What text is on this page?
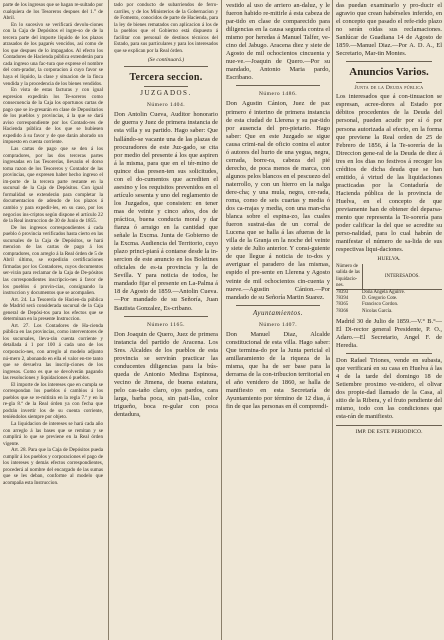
parte de los ingresos que se hagan re-sultado por cualquiera de los Tesoreros despues del 1.° de Abril.

En lo sucesivo se verificará devolu-ciones con la Caja de Depósitos el ingre-so de de la tercera parte del importe líquido de los plazos atrasados de los pagarés vencidos, así como de los que despues de lo impagados. Al efecto los Contadores de Hacienda pública extenderán para cada ingreso una fac-tura que exprese el nombre del com-prador, la corporacion á cuyo favor se haya el líquido, la clase y situacion de la finca vendida y la procedencia de los bienes vendidos.

En vista de estas facturas y con igual espresion expedirán los Te-soreros como consecuencia de la Caja los oportunos cartas de pago que se in-gresarán en clase de Depositarios de los pueblos y provincias, á la que se dará aviso correspondiente por los Contado-res de Hacienda pública de los que se hubiesen expedido á su favor y de que darán ahorado un impuesto en cuenta corriente.

Las cartas de pago que se den á los compradores, por las dos terceras partes ingresadas en las Tesorerías, llevarán el dorso toma razon de los Tesoreros y Contador de las provincias, que expresen haber hecho ingreso el im-porte de la tercera parte restante en la sucursal de la Caja de Depósitos. Con igual formalidad se extenderán para completar la documentacion de adeudo de los plazos á cambio y para expedir-les, en su caso, por los negocios ins-criptos según dispone el artículo 22 de la Real instruccion de 30 de Junio de 1855.

De los ingresos correspondientes á cada pueblo ó provincia verificados hasta cierto en las sucursales de la Caja de Depósitos, se hará mencion de las cartas de pago á los compradores, con arreglo á la Real órden de 5 de Abril último, se expedirán certificaciones firmadas por los Contadores, cuyos documentos ser-virán para reclamar de la Caja de De-pósitos las correspondientes inscripcio-nes á favor de los pueblos ó provin-cias, consignando la instruccion y documentos que se acompañen.

Art. 24. La Tesorería de Hacien-da pública de Madrid será considerada sucursal de la Caja general de Depósi-tos para los efectos que se determinan en la presente Instruccion.

Art. 27. Los Contadores de Ha-cienda pública en las provincias, como interventores de los sucursales, lleva-rán cuenta corriente y detallada á 1 por 100 á cada uno de los corporacio-nes, con arreglo al modelo adjunto nú-mero 2, abonando en ella el valor en-tre tanto que se devuelva las inscrip-ciones de los ingresos. Como es que se devolverán pagando las resoluciones y liquidaciones ó pueblos.

El importe de los intereses que en cumpla se correspondan los pueblos ó cambios á los pueblos que se re-mitirán en la regla 7.ª y en la re-gla 8.ª de la Real órden ya con fecha que podrán invertir los de su cuenta corriente, teniéndolos siempre por objeto.

La liquidacion de intereses se hará cada año con arreglo á las bases que se remitan y se cumplirá lo que se previene en la Real órden vigente.

Art. 28. Para que la Caja de Depósitos pueda cumplir á los pueblos y corporaciones el pago de los intereses y demás efectos correspondientes, procederá al nombre del encargado de las sumas que se les deban, conforme al modelo que acompaña esta Instruccion.

tado por conducto de subarriendos de ferro-carriles, y de los Ministerios de la Gobernacion y de Fomento, conocidos de parte de Hacienda, para la ley de bienes rematados con aplicacion á los de la pueblos que el Gobierno está dispuesto á facilitar con personal de destinos técnicos del Estado, para sus particulares y para los interesados que se explican por la Real órden.
(Se continuará.)
Tercera seccion.
JUZGADOS.
Número 1404.
Don Antolin Cueva, Auditor honorario de guerra y Juez de primera instancia de esta villa y su partido. Hago saber: Que hallándo-se vacante una de las plazas de procuradores de este Juz-gado, se cita por medio del presente á los que aspiren á la misma, para que en el tér-mino de quince dias presen-ten sus solicitudes, con el do-cumentos que acrediten el asesino y los requisitos prevenidos en el artículo sesenta y uno del reglamento de los Juzgados, que consisten: en tener mas de veinte y cinco años, dos de práctica, buena conducta moral y dar fianza ó arraigo en la cantidad que señale la Excma. Junta de Gobierno de la Excma. Audiencia del Territorio, cuyo plazo princi-piará á contarse desde la in-sercion de este anuncio en los Boletines oficiales de es-ta provincia y la de Sevilla. Y para noticia de todos, he mandado fijar el presente en La-Palma á 18 de Agosto de 1859.—Antolin Cueva.—Por mandado de su Señoría, Juan Bautista Gonzalez, Es-cribano.
Número 1165.
Don Joaquin de Quero, Juez de primera instancia del partido de Aracena. Los Sres. Alcaldes de los pueblos de esta provincia se servirán practicar las conducentes diligencias para la bús-queda de Antonio Medina Espinosa, vecino de Jimena, de buena estatura, pelo cas-taño claro, ojos pardos, cara larga, barba poca, sin pati-llas, color trigueño, boca re-gular con poca dentadura,
vestido al uso de arriero an-daluz, y le fueron habido re-mitirle á esta cabeza de par-tido en clase de comparecido para diligencias en la causa segunda contra el mismo por heredas á Manuel Talfer, ve-cino del Jabugo. Aracena diez y siete de Agosto de mil ochocientos cincuenta y nue-ve.—Joaquin de Quero.—Por su mandado, Antonio Maria pardo, Escribano.
Número 1486.
Don Agustin Cánion, Juez de paz primero é interino de primera instancia de esta ciudad de Llerena y su par-tido por ausencia del pro-pietario. Hago saber: Que en este Juzgado se sigue causa crimi-nal de oficio contra el autor ó autores del hurto de una yegua, negra, cerrada, borre-ra, cabeza del pié derecho, de poca menos de marca, con algunos pelos blancos en el pescuezo del naterrollo, y con un hierro en la nalga dere-cha; y una mula, negra, cer-rada, roma, como de seis cuartas y media ó dos ca-rrajas y media, con una man-cha blanca sobre el espina-zo, las cuales fueron sustrai-das de un corral de Lucena que se halla á las afueras de la villa de la Granja en la noche del veinte y siete de Julio anterior. Y consi-guiente de que llegue á noticia de to-dos y averiguar el paradero de las mismas, espido el pre-sente en Llerena y Agosto veinte de mil ochocientos cin-cuenta y nueve.—Agustin Cánion.—Por mandado de su Señoría Martin Suarez.
Ayuntamientos.
Número 1407.
Don Manuel Diaz, Alcalde constitucional de esta villa. Hago saber: Que termina-do por la Junta pericial el amillaramiento de la riqueza de la misma, que ha de ser base para la derrama de la con-tribucion territorial en el año venidero de 1860, se halla de manifiesto en esta Secretaría de Ayuntamiento por término de 12 dias, á fin de que las personas en él comprendi-
das puedan examinarlo y pro-ducir el agravio que crean habérseles inferido, en el concepto que pasado el refe-rido plazo no serán oidas sus reclamaciones. Sanlúcar de Guadiana 14 de Agosto de 1859.—Manuel Diaz.—Por A. D. A., El Secretario, Mar-tin Montes.
Anuncios Varios.
Junta de la Deuda pública
Los interesados que á con-tinuacion se espresan, acree-dores al Estado por débitos procedentes de la Deuda del personal, pueden acudir por sí ó por persona autorizada al efecto, en la forma que previene la Real orden de 25 de Febrero de 1856, á la Te-sorería de la Direccion gene-ral de la Deuda de diez á tres en los dias no festivos á recoger los créditos de dicha deuda que se han emitido, á virtud de las liquidaciones practicadas por la Contaduría de Hacienda pública de la provincia de Huelva, en el concepto de que previamente han de obtener del deparsa-mento que representa la Te-sorería para poder calificar la del que se acredite su perso-nalidad, para lo cual habrán de manifestar el número de sa-lida de sus respectivas liqui-daciones.
HUELVA.
Número de salida de las liquidacio-nes.	INTERESADOS.
78393	Doña Angela Aguirre.
78394	D. Gregorio Cote.
78365	Francisco Cordon.
78366	Nicolas García.
Madrid 30 de Julio de 1859.—V.° B.°—El Di-rector general Presidente, P. O., Adaro.—El Secretario, Angel F. de Heredia.
Don Rafael Triones, vende en subasta, que verificará en su casa en Huelva á las 4 de la tarde del domingo 18 de Setiembre proximo ve-nidero, el olivar dos propie-dad llamado de la Casa, al sitio de la Ribera, y el fruto pendiente del mismo, todo con las condiciones que esta-rán de manifiesto.
IMP. DE ESTE PERIODICO.
